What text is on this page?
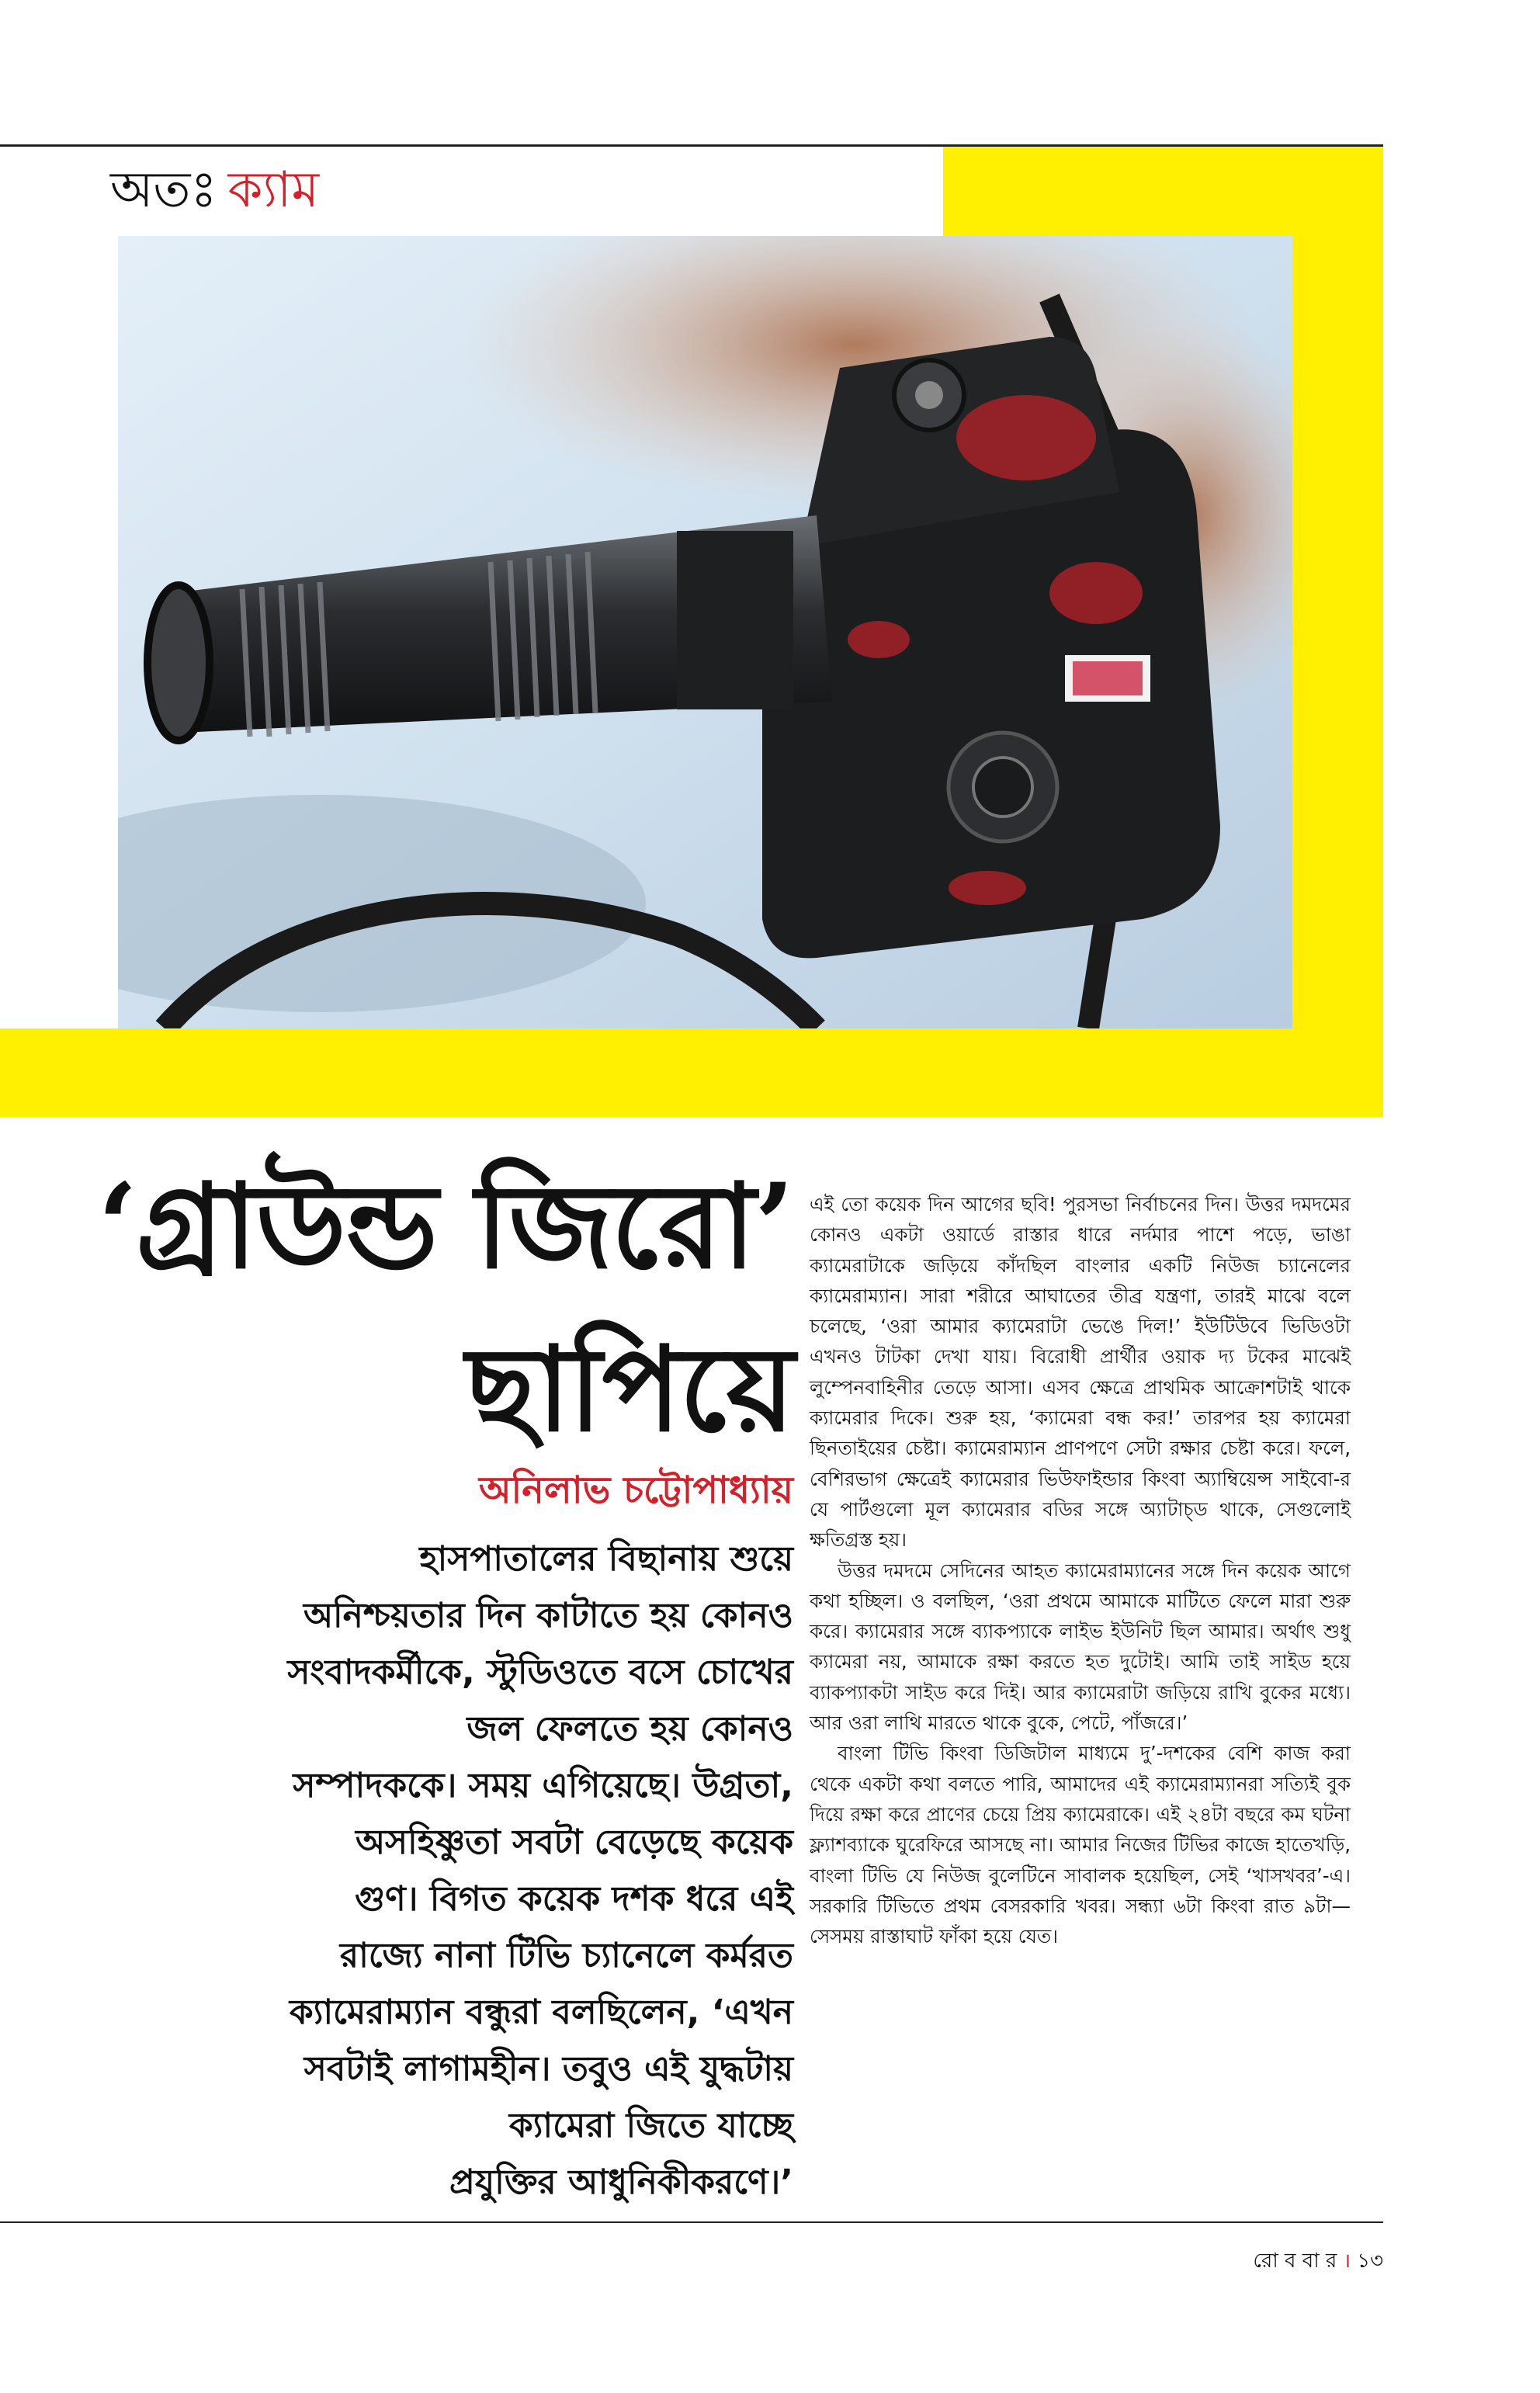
অতঃ ক্যাম
‘গ্রাউন্ড জিরো’
ছাপিয়ে
অনিলাভ চট্টোপাধ্যায়
হাসপাতালের বিছানায় শুয়ে
অনিশ্চয়তার দিন কাটাতে হয় কোনও
সংবাদকর্মীকে, স্টুডিওতে বসে চোখের
জল ফেলতে হয় কোনও
সম্পাদককে। সময় এগিয়েছে। উগ্রতা,
অসহিষ্ণুতা সবটা বেড়েছে কয়েক
গুণ। বিগত কয়েক দশক ধরে এই
রাজ্যে নানা টিভি চ্যানেলে কর্মরত
ক্যামেরাম্যান বন্ধুরা বলছিলেন, ‘এখন
সবটাই লাগামহীন। তবুও এই যুদ্ধটায়
ক্যামেরা জিতে যাচ্ছে
প্রযুক্তির আধুনিকীকরণে।’

এই তো কয়েক দিন আগের ছবি! পুরসভা নির্বাচনের দিন। উত্তর দমদমের কোনও একটা ওয়ার্ডে রাস্তার ধারে নর্দমার পাশে পড়ে, ভাঙা ক্যামেরাটাকে জড়িয়ে কাঁদছিল বাংলার একটি নিউজ চ্যানেলের ক্যামেরাম্যান। সারা শরীরে আঘাতের তীব্র যন্ত্রণা, তারই মাঝে বলে চলেছে, ‘ওরা আমার ক্যামেরাটা ভেঙে দিল!’ ইউটিউবে ভিডিওটা এখনও টাটকা দেখা যায়। বিরোধী প্রার্থীর ওয়াক দ্য টকের মাঝেই লুম্পেনবাহিনীর তেড়ে আসা। এসব ক্ষেত্রে প্রাথমিক আক্রোশটাই থাকে ক্যামেরার দিকে। শুরু হয়, ‘ক্যামেরা বন্ধ কর!’ তারপর হয় ক্যামেরা ছিনতাইয়ের চেষ্টা। ক্যামেরাম্যান প্রাণপণে সেটা রক্ষার চেষ্টা করে। ফলে, বেশিরভাগ ক্ষেত্রেই ক্যামেরার ভিউফাইন্ডার কিংবা অ্যাম্বিয়েন্স সাইবো-র যে পার্টগুলো মূল ক্যামেরার বডির সঙ্গে অ্যাটাচ্‌ড থাকে, সেগুলোই ক্ষতিগ্রস্ত হয়।

উত্তর দমদমে সেদিনের আহত ক্যামেরাম্যানের সঙ্গে দিন কয়েক আগে কথা হচ্ছিল। ও বলছিল, ‘ওরা প্রথমে আমাকে মাটিতে ফেলে মারা শুরু করে। ক্যামেরার সঙ্গে ব্যাকপ্যাকে লাইভ ইউনিট ছিল আমার। অর্থাৎ শুধু ক্যামেরা নয়, আমাকে রক্ষা করতে হত দুটোই। আমি তাই সাইড হয়ে ব্যাকপ্যাকটা সাইড করে দিই। আর ক্যামেরাটা জড়িয়ে রাখি বুকের মধ্যে। আর ওরা লাথি মারতে থাকে বুকে, পেটে, পাঁজরে।’

বাংলা টিভি কিংবা ডিজিটাল মাধ্যমে দু’-দশকের বেশি কাজ করা থেকে একটা কথা বলতে পারি, আমাদের এই ক্যামেরাম্যানরা সত্যিই বুক দিয়ে রক্ষা করে প্রাণের চেয়ে প্রিয় ক্যামেরাকে। এই ২৪টা বছরে কম ঘটনা ফ্ল্যাশব্যাকে ঘুরেফিরে আসছে না। আমার নিজের টিভির কাজে হাতেখড়ি, বাংলা টিভি যে নিউজ বুলেটিনে সাবালক হয়েছিল, সেই ‘খাসখবর’-এ। সরকারি টিভিতে প্রথম বেসরকারি খবর। সন্ধ্যা ৬টা কিংবা রাত ৯টা— সেসময় রাস্তাঘাট ফাঁকা হয়ে যেত।

রো ব বা র । ১৩
